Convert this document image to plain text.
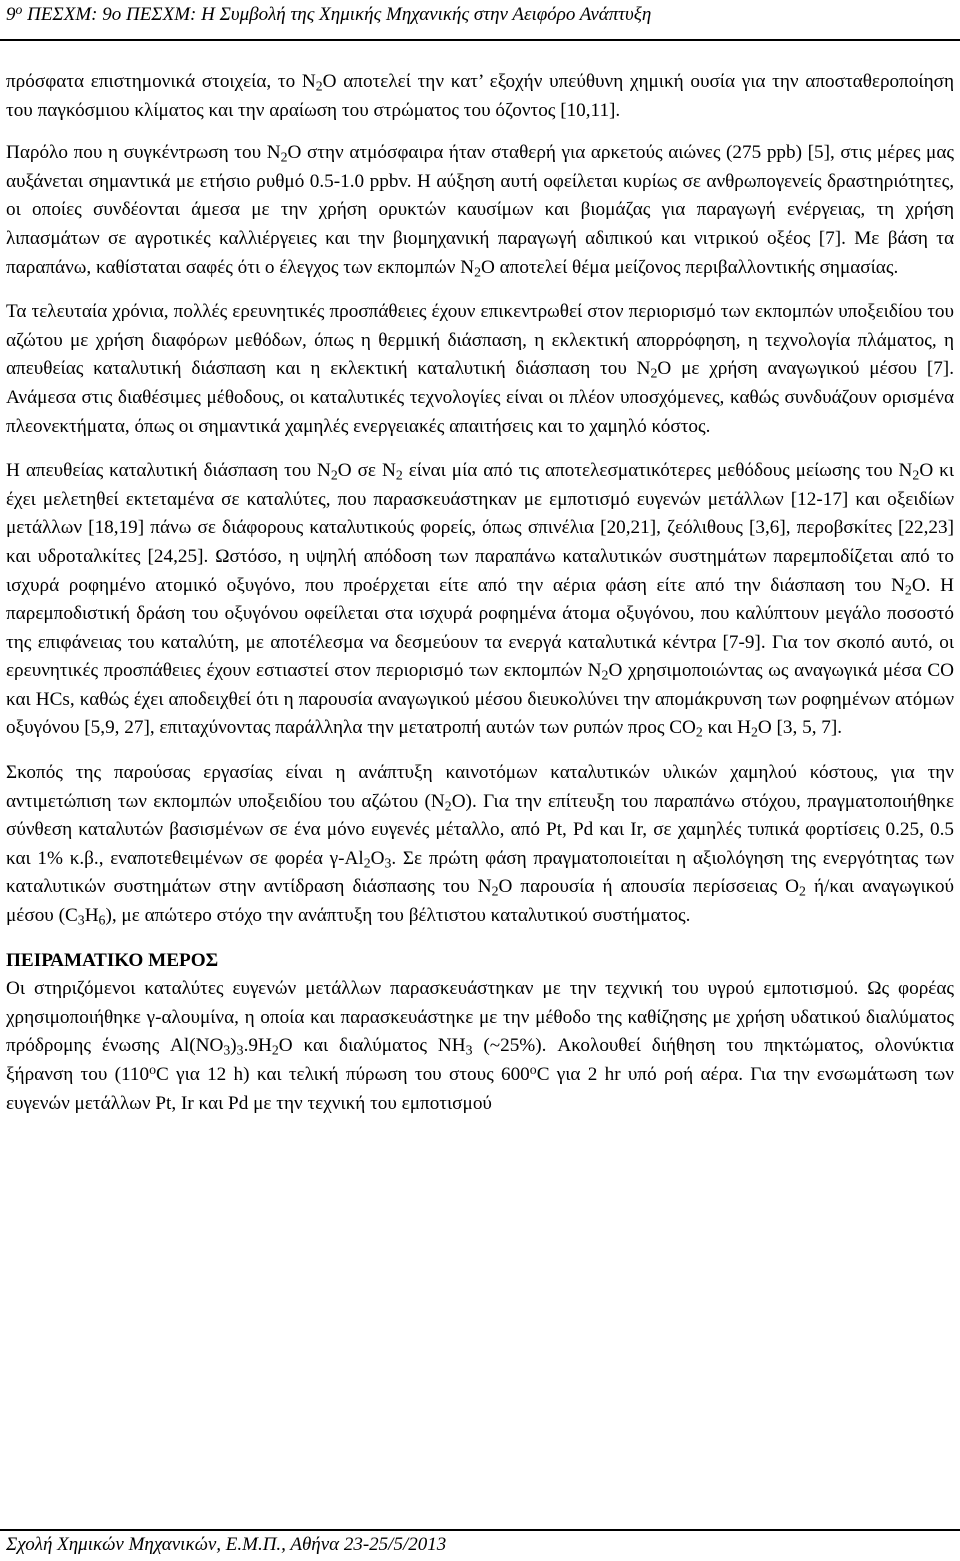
$9^o$ ΠΕΣΧΜ: 9ο ΠΕΣΧΜ: Η Συμβολή της Χημικής Μηχανικής στην Αειφόρο Ανάπτυξη

πρόσφατα επιστημονικά στοιχεία, το $N_2O$ αποτελεί την κατ’ εξοχήν υπεύθυνη χημική ουσία για την αποσταθεροποίηση του παγκόσμιου κλίματος και την αραίωση του στρώματος του όζοντος [10,11].

Παρόλο που η συγκέντρωση του $N_2O$ στην ατμόσφαιρα ήταν σταθερή για αρκετούς αιώνες (275 ppb) [5], στις μέρες μας αυξάνεται σημαντικά με ετήσιο ρυθμό 0.5-1.0 ppbv. Η αύξηση αυτή οφείλεται κυρίως σε ανθρωπογενείς δραστηριότητες, οι οποίες συνδέονται άμεσα με την χρήση ορυκτών καυσίμων και βιομάζας για παραγωγή ενέργειας, τη χρήση λιπασμάτων σε αγροτικές καλλιέργειες και την βιομηχανική παραγωγή αδιπικού και νιτρικού οξέος [7]. Με βάση τα παραπάνω, καθίσταται σαφές ότι ο έλεγχος των εκπομπών $N_2O$ αποτελεί θέμα μείζονος περιβαλλοντικής σημασίας.

Τα τελευταία χρόνια, πολλές ερευνητικές προσπάθειες έχουν επικεντρωθεί στον περιορισμό των εκπομπών υποξειδίου του αζώτου με χρήση διαφόρων μεθόδων, όπως η θερμική διάσπαση, η εκλεκτική απορρόφηση, η τεχνολογία πλάματος, η απευθείας καταλυτική διάσπαση και η εκλεκτική καταλυτική διάσπαση του $N_2O$ με χρήση αναγωγικού μέσου [7]. Ανάμεσα στις διαθέσιμες μέθοδους, οι καταλυτικές τεχνολογίες είναι οι πλέον υποσχόμενες, καθώς συνδυάζουν ορισμένα πλεονεκτήματα, όπως οι σημαντικά χαμηλές ενεργειακές απαιτήσεις και το χαμηλό κόστος.

Η απευθείας καταλυτική διάσπαση του $N_2O$ σε $N_2$ είναι μία από τις αποτελεσματικότερες μεθόδους μείωσης του $N_2O$ κι έχει μελετηθεί εκτεταμένα σε καταλύτες, που παρασκευάστηκαν με εμποτισμό ευγενών μετάλλων [12-17] και οξειδίων μετάλλων [18,19] πάνω σε διάφορους καταλυτικούς φορείς, όπως σπινέλια [20,21], ζεόλιθους [3,6], περοβσκίτες [22,23] και υδροταλκίτες [24,25]. Ωστόσο, η υψηλή απόδοση των παραπάνω καταλυτικών συστημάτων παρεμποδίζεται από το ισχυρά ροφημένο ατομικό οξυγόνο, που προέρχεται είτε από την αέρια φάση είτε από την διάσπαση του $N_2O$. Η παρεμποδιστική δράση του οξυγόνου οφείλεται στα ισχυρά ροφημένα άτομα οξυγόνου, που καλύπτουν μεγάλο ποσοστό της επιφάνειας του καταλύτη, με αποτέλεσμα να δεσμεύουν τα ενεργά καταλυτικά κέντρα [7-9]. Για τον σκοπό αυτό, οι ερευνητικές προσπάθειες έχουν εστιαστεί στον περιορισμό των εκπομπών $N_2O$ χρησιμοποιώντας ως αναγωγικά μέσα CO και HCs, καθώς έχει αποδειχθεί ότι η παρουσία αναγωγικού μέσου διευκολύνει την απομάκρυνση των ροφημένων ατόμων οξυγόνου [5,9, 27], επιταχύνοντας παράλληλα την μετατροπή αυτών των ρυπών προς $CO_2$ και $H_2O$ [3, 5, 7].

Σκοπός της παρούσας εργασίας είναι η ανάπτυξη καινοτόμων καταλυτικών υλικών χαμηλού κόστους, για την αντιμετώπιση των εκπομπών υποξειδίου του αζώτου $(N_2O)$. Για την επίτευξη του παραπάνω στόχου, πραγματοποιήθηκε σύνθεση καταλυτών βασισμένων σε ένα μόνο ευγενές μέταλλο, από Pt, Pd και Ir, σε χαμηλές τυπικά φορτίσεις 0.25, 0.5 και 1% κ.β., εναποτεθειμένων σε φορέα $\gamma-Al_2O_3$. Σε πρώτη φάση πραγματοποιείται η αξιολόγηση της ενεργότητας των καταλυτικών συστημάτων στην αντίδραση διάσπασης του $N_2O$ παρουσία ή απουσία περίσσειας $O_2$ ή/και αναγωγικού μέσου $(C_3H_6)$, με απώτερο στόχο την ανάπτυξη του βέλτιστου καταλυτικού συστήματος.

ΠΕΙΡΑΜΑΤΙΚΟ ΜΕΡΟΣ

Οι στηριζόμενοι καταλύτες ευγενών μετάλλων παρασκευάστηκαν με την τεχνική του υγρού εμποτισμού. Ως φορέας χρησιμοποιήθηκε γ-αλουμίνα, η οποία και παρασκευάστηκε με την μέθοδο της καθίζησης με χρήση υδατικού διαλύματος πρόδρομης ένωσης $Al(NO_3)_3.9H_2O$ και διαλύματος $NH_3$ (~25%). Ακολουθεί διήθηση του πηκτώματος, ολονύκτια ξήρανση του (110$^o$C για 12 h) και τελική πύρωση του στους 600$^o$C για 2 hr υπό ροή αέρα. Για την ενσωμάτωση των ευγενών μετάλλων Pt, Ir και Pd με την τεχνική του εμποτισμού

Σχολή Χημικών Μηχανικών, Ε.Μ.Π., Αθήνα 23-25/5/2013
